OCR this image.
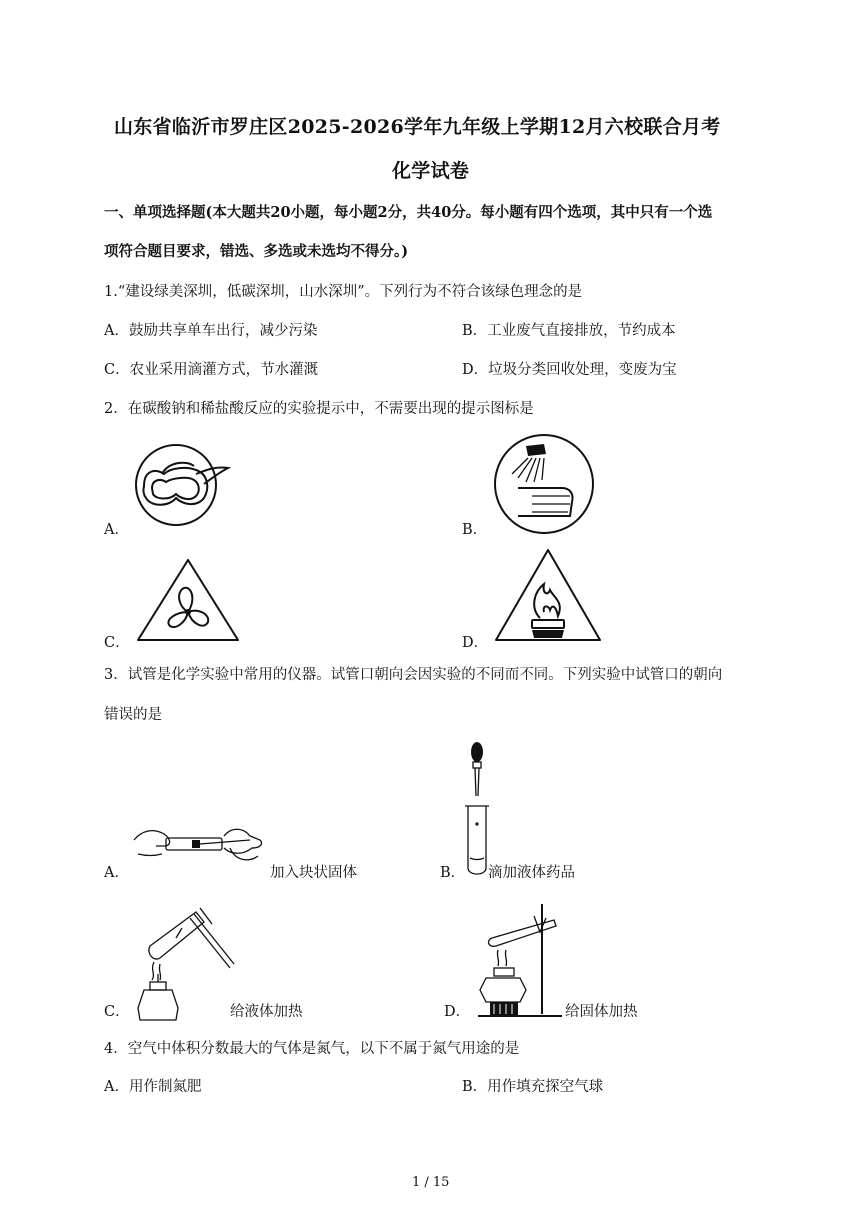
山东省临沂市罗庄区2025-2026学年九年级上学期12月六校联合月考
化学试卷
一、单项选择题(本大题共20小题，每小题2分，共40分。每小题有四个选项，其中只有一个选
项符合题目要求，错选、多选或未选均不得分。)
1.“建设绿美深圳，低碳深圳，山水深圳”。下列行为不符合该绿色理念的是
A．鼓励共享单车出行，减少污染	B．工业废气直接排放，节约成本
C．农业采用滴灌方式，节水灌溉	D．垃圾分类回收处理，变废为宝
2．在碳酸钠和稀盐酸反应的实验提示中，不需要出现的提示图标是
A．	B．
C．	D．
3．试管是化学实验中常用的仪器。试管口朝向会因实验的不同而不同。下列实验中试管口的朝向
错误的是
A．	加入块状固体	B． 滴加液体药品
C．	给液体加热	D．	给固体加热
4．空气中体积分数最大的气体是氮气，以下不属于氮气用途的是
A．用作制氮肥	B．用作填充探空气球
1 / 15
